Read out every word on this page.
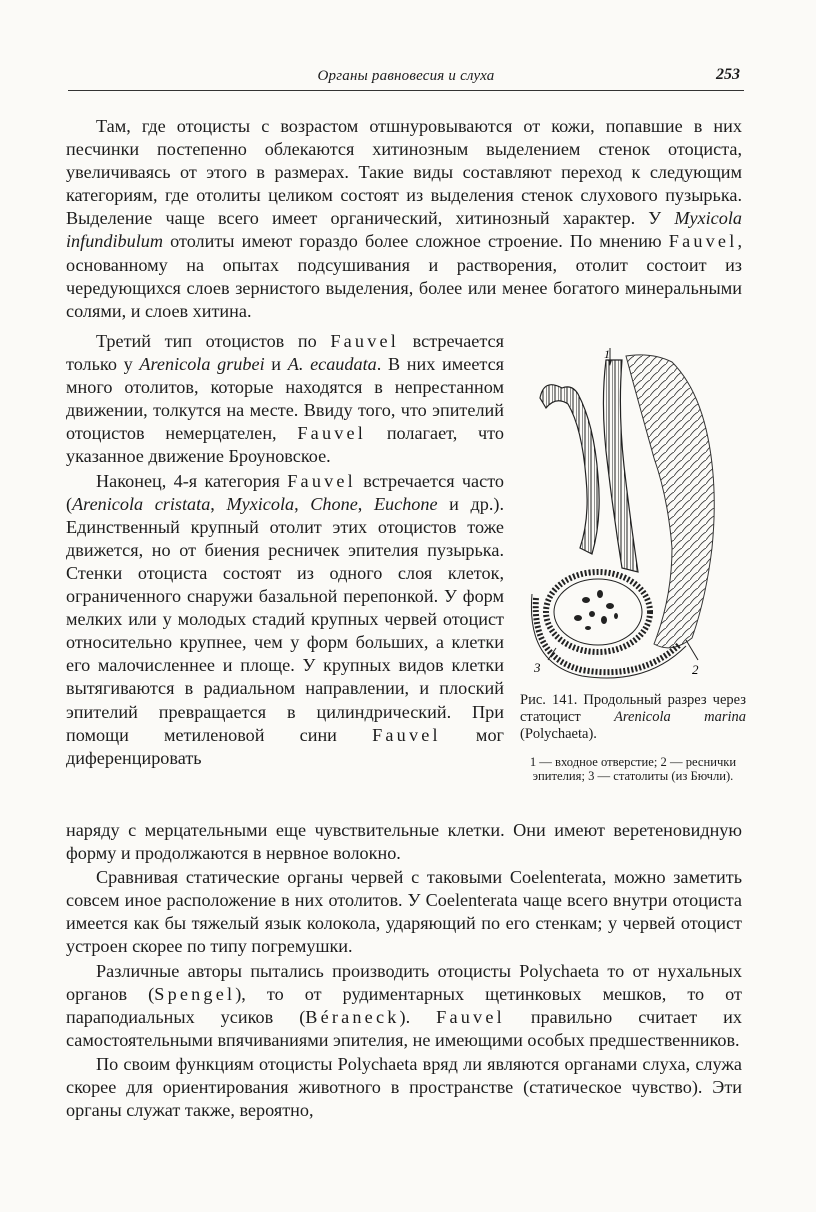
Органы равновесия и слуха	253

Там, где отоцисты с возрастом отшнуровываются от кожи, попавшие в них песчинки постепенно облекаются хитинозным выделением стенок отоциста, увеличиваясь от этого в размерах. Такие виды составляют переход к следующим категориям, где отолиты целиком состоят из выделения стенок слухового пузырька. Выделение чаще всего имеет органический, хитинозный характер. У Myxicola infundibulum отолиты имеют гораздо более сложное строение. По мнению Fauvel, основанному на опытах подсушивания и растворения, отолит состоит из чередующихся слоев зернистого выделения, более или менее богатого минеральными солями, и слоев хитина.

Третий тип отоцистов по Fauvel встречается только у Arenicola grubei и A. ecaudata. В них имеется много отолитов, которые находятся в непрестанном движении, толкутся на месте. Ввиду того, что эпителий отоцистов немерцателен, Fauvel полагает, что указанное движение Броуновское.

Наконец, 4-я категория Fauvel встречается часто (Arenicola cristata, Myxicola, Chone, Euchone и др.). Единственный крупный отолит этих отоцистов тоже движется, но от биения ресничек эпителия пузырька. Стенки отоциста состоят из одного слоя клеток, ограниченного снаружи базальной перепонкой. У форм мелких или у молодых стадий крупных червей отоцист относительно крупнее, чем у форм больших, а клетки его малочисленнее и площе. У крупных видов клетки вытягиваются в радиальном направлении, и плоский эпителий превращается в цилиндрический. При помощи метиленовой сини Fauvel мог диференцировать

1
2
3
Рис. 141. Продольный разрез через статоцист Arenicola marina (Polychaeta).
1 — входное отверстие; 2 — реснички эпителия; 3 — статолиты (из Бючли).

наряду с мерцательными еще чувствительные клетки. Они имеют веретеновидную форму и продолжаются в нервное волокно.

Сравнивая статические органы червей с таковыми Coelenterata, можно заметить совсем иное расположение в них отолитов. У Coelenterata чаще всего внутри отоциста имеется как бы тяжелый язык колокола, ударяющий по его стенкам; у червей отоцист устроен скорее по типу погремушки.

Различные авторы пытались производить отоцисты Polychaeta то от нухальных органов (Spengel), то от рудиментарных щетинковых мешков, то от параподиальных усиков (Béraneck). Fauvel правильно считает их самостоятельными впячиваниями эпителия, не имеющими особых предшественников.

По своим функциям отоцисты Polychaeta вряд ли являются органами слуха, служа скорее для ориентирования животного в пространстве (статическое чувство). Эти органы служат также, вероятно,
